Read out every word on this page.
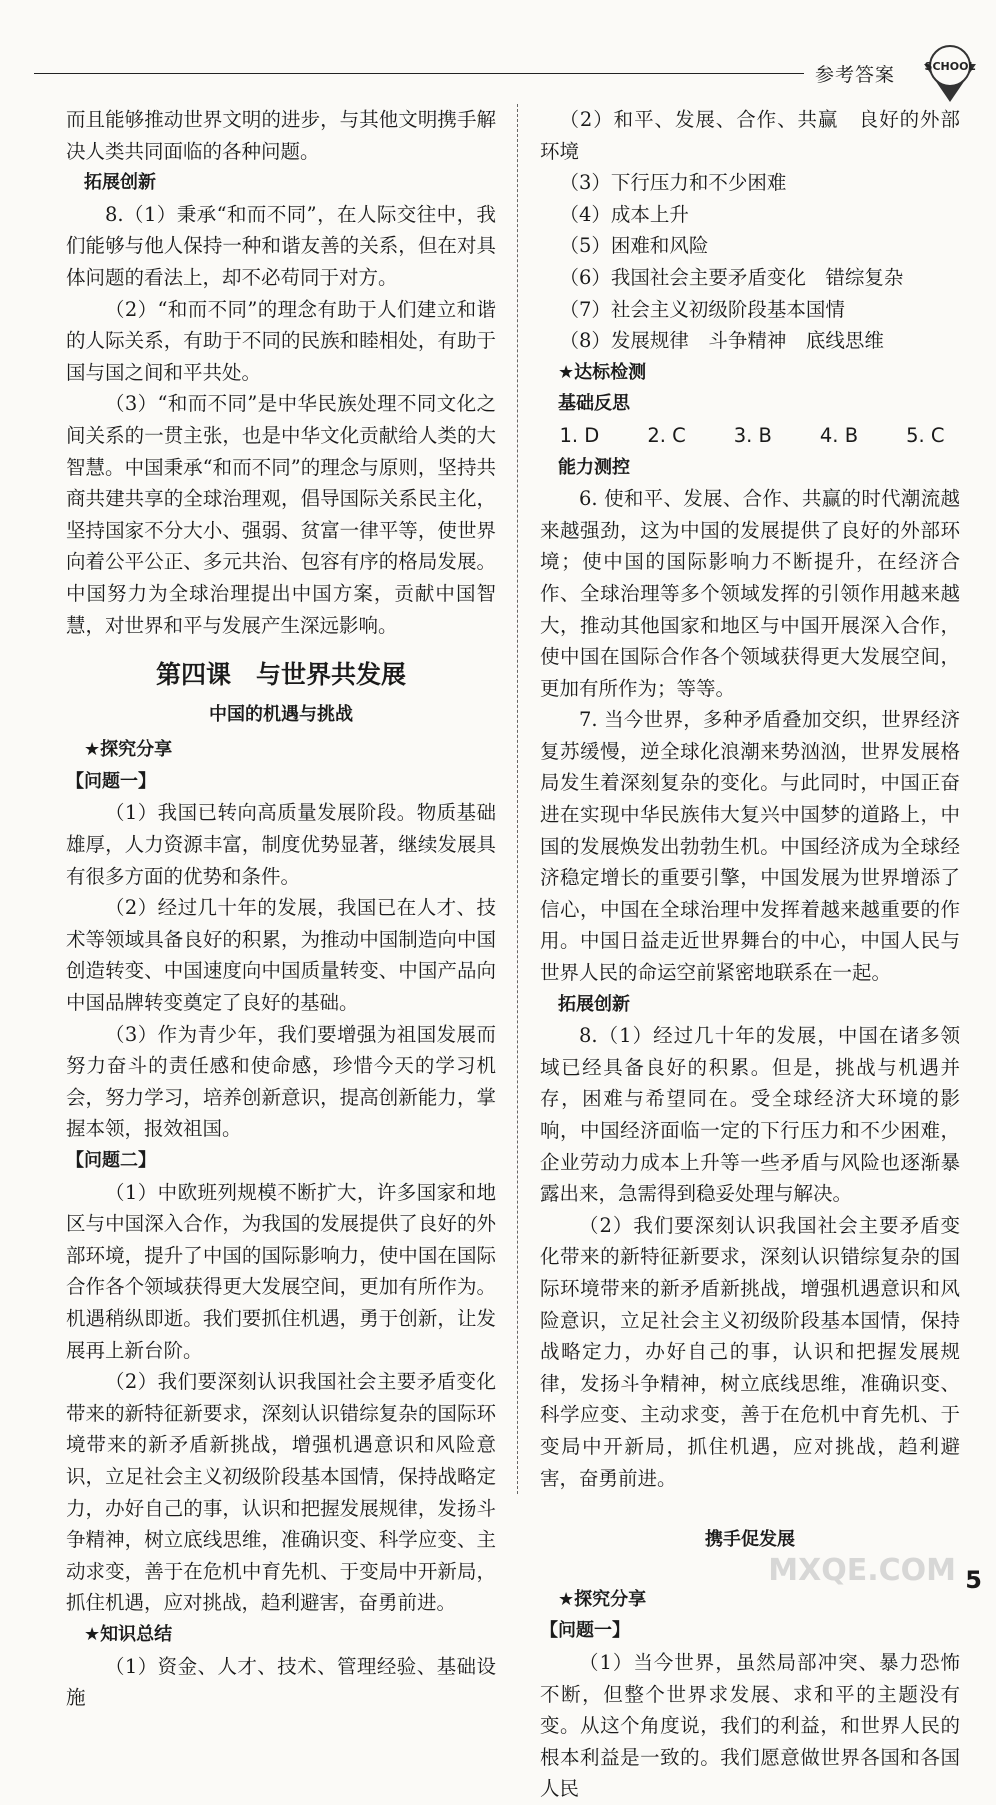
参考答案	SCHOOL

而且能够推动世界文明的进步，与其他文明携手解决人类共同面临的各种问题。

拓展创新

8.（1）秉承“和而不同”，在人际交往中，我们能够与他人保持一种和谐友善的关系，但在对具体问题的看法上，却不必苟同于对方。

（2）“和而不同”的理念有助于人们建立和谐的人际关系，有助于不同的民族和睦相处，有助于国与国之间和平共处。

（3）“和而不同”是中华民族处理不同文化之间关系的一贯主张，也是中华文化贡献给人类的大智慧。中国秉承“和而不同”的理念与原则，坚持共商共建共享的全球治理观，倡导国际关系民主化，坚持国家不分大小、强弱、贫富一律平等，使世界向着公平公正、多元共治、包容有序的格局发展。中国努力为全球治理提出中国方案，贡献中国智慧，对世界和平与发展产生深远影响。

第四课　与世界共发展
中国的机遇与挑战

★探究分享

【问题一】

（1）我国已转向高质量发展阶段。物质基础雄厚，人力资源丰富，制度优势显著，继续发展具有很多方面的优势和条件。

（2）经过几十年的发展，我国已在人才、技术等领域具备良好的积累，为推动中国制造向中国创造转变、中国速度向中国质量转变、中国产品向中国品牌转变奠定了良好的基础。

（3）作为青少年，我们要增强为祖国发展而努力奋斗的责任感和使命感，珍惜今天的学习机会，努力学习，培养创新意识，提高创新能力，掌握本领，报效祖国。

【问题二】

（1）中欧班列规模不断扩大，许多国家和地区与中国深入合作，为我国的发展提供了良好的外部环境，提升了中国的国际影响力，使中国在国际合作各个领域获得更大发展空间，更加有所作为。机遇稍纵即逝。我们要抓住机遇，勇于创新，让发展再上新台阶。

（2）我们要深刻认识我国社会主要矛盾变化带来的新特征新要求，深刻认识错综复杂的国际环境带来的新矛盾新挑战，增强机遇意识和风险意识，立足社会主义初级阶段基本国情，保持战略定力，办好自己的事，认识和把握发展规律，发扬斗争精神，树立底线思维，准确识变、科学应变、主动求变，善于在危机中育先机、于变局中开新局，抓住机遇，应对挑战，趋利避害，奋勇前进。

★知识总结

（1）资金、人才、技术、管理经验、基础设施

（2）和平、发展、合作、共赢　良好的外部环境

（3）下行压力和不少困难

（4）成本上升

（5）困难和风险

（6）我国社会主要矛盾变化　错综复杂

（7）社会主义初级阶段基本国情

（8）发展规律　斗争精神　底线思维

★达标检测

基础反思

1. D 2. C 3. B 4. B 5. C

能力测控

6. 使和平、发展、合作、共赢的时代潮流越来越强劲，这为中国的发展提供了良好的外部环境；使中国的国际影响力不断提升，在经济合作、全球治理等多个领域发挥的引领作用越来越大，推动其他国家和地区与中国开展深入合作，使中国在国际合作各个领域获得更大发展空间，更加有所作为；等等。

7. 当今世界，多种矛盾叠加交织，世界经济复苏缓慢，逆全球化浪潮来势汹汹，世界发展格局发生着深刻复杂的变化。与此同时，中国正奋进在实现中华民族伟大复兴中国梦的道路上，中国的发展焕发出勃勃生机。中国经济成为全球经济稳定增长的重要引擎，中国发展为世界增添了信心，中国在全球治理中发挥着越来越重要的作用。中国日益走近世界舞台的中心，中国人民与世界人民的命运空前紧密地联系在一起。

拓展创新

8.（1）经过几十年的发展，中国在诸多领域已经具备良好的积累。但是，挑战与机遇并存，困难与希望同在。受全球经济大环境的影响，中国经济面临一定的下行压力和不少困难，企业劳动力成本上升等一些矛盾与风险也逐渐暴露出来，急需得到稳妥处理与解决。

（2）我们要深刻认识我国社会主要矛盾变化带来的新特征新要求，深刻认识错综复杂的国际环境带来的新矛盾新挑战，增强机遇意识和风险意识，立足社会主义初级阶段基本国情，保持战略定力，办好自己的事，认识和把握发展规律，发扬斗争精神，树立底线思维，准确识变、科学应变、主动求变，善于在危机中育先机、于变局中开新局，抓住机遇，应对挑战，趋利避害，奋勇前进。

携手促发展

★探究分享

【问题一】

（1）当今世界，虽然局部冲突、暴力恐怖不断，但整个世界求发展、求和平的主题没有变。从这个角度说，我们的利益，和世界人民的根本利益是一致的。我们愿意做世界各国和各国人民

MXQE.COM 5
